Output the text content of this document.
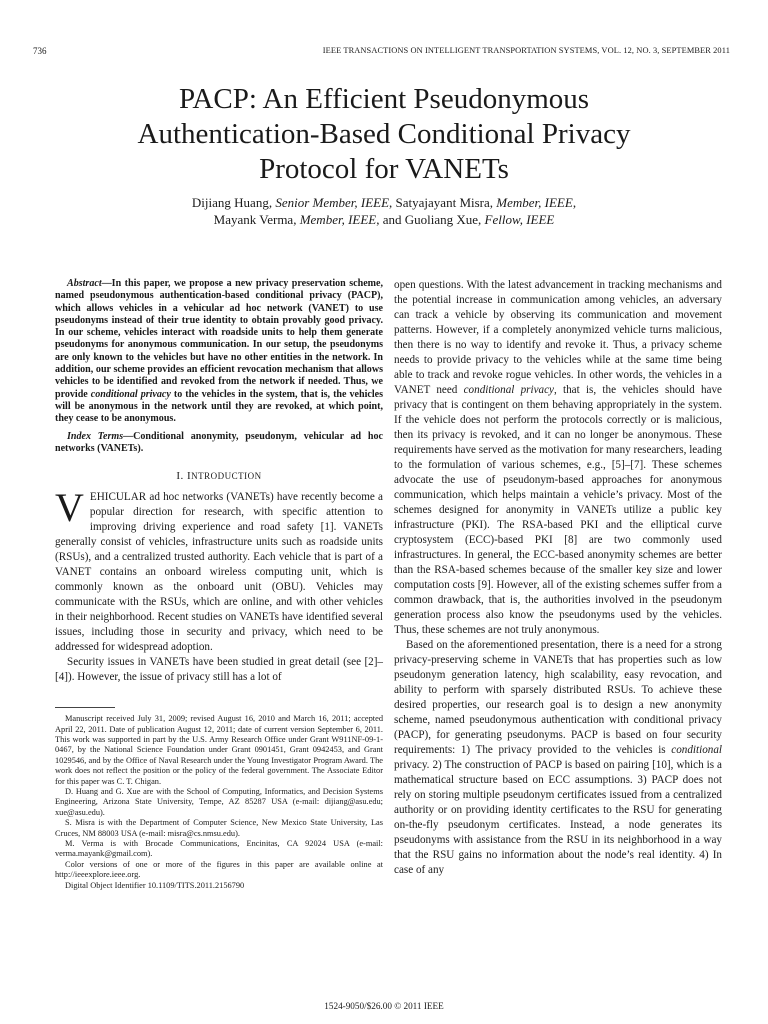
736	IEEE TRANSACTIONS ON INTELLIGENT TRANSPORTATION SYSTEMS, VOL. 12, NO. 3, SEPTEMBER 2011
PACP: An Efficient Pseudonymous
Authentication-Based Conditional Privacy
Protocol for VANETs
Dijiang Huang, Senior Member, IEEE, Satyajayant Misra, Member, IEEE,
Mayank Verma, Member, IEEE, and Guoliang Xue, Fellow, IEEE

Abstract—In this paper, we propose a new privacy preservation scheme, named pseudonymous authentication-based conditional privacy (PACP), which allows vehicles in a vehicular ad hoc network (VANET) to use pseudonyms instead of their true identity to obtain provably good privacy. In our scheme, vehicles interact with roadside units to help them generate pseudonyms for anonymous communication. In our setup, the pseudonyms are only known to the vehicles but have no other entities in the network. In addition, our scheme provides an efficient revocation mechanism that allows vehicles to be identified and revoked from the network if needed. Thus, we provide conditional privacy to the vehicles in the system, that is, the vehicles will be anonymous in the network until they are revoked, at which point, they cease to be anonymous.

Index Terms—Conditional anonymity, pseudonym, vehicular ad hoc networks (VANETs).

I. INTRODUCTION

VEHICULAR ad hoc networks (VANETs) have recently become a popular direction for research, with specific attention to improving driving experience and road safety [1]. VANETs generally consist of vehicles, infrastructure units such as roadside units (RSUs), and a centralized trusted authority. Each vehicle that is part of a VANET contains an onboard wireless computing unit, which is commonly known as the onboard unit (OBU). Vehicles may communicate with the RSUs, which are online, and with other vehicles in their neighborhood. Recent studies on VANETs have identified several issues, including those in security and privacy, which need to be addressed for widespread adoption.

Security issues in VANETs have been studied in great detail (see [2]–[4]). However, the issue of privacy still has a lot of

Manuscript received July 31, 2009; revised August 16, 2010 and March 16, 2011; accepted April 22, 2011. Date of publication August 12, 2011; date of current version September 6, 2011. This work was supported in part by the U.S. Army Research Office under Grant W911NF-09-1-0467, by the National Science Foundation under Grant 0901451, Grant 0942453, and Grant 1029546, and by the Office of Naval Research under the Young Investigator Program Award. The work does not reflect the position or the policy of the federal government. The Associate Editor for this paper was C. T. Chigan.

D. Huang and G. Xue are with the School of Computing, Informatics, and Decision Systems Engineering, Arizona State University, Tempe, AZ 85287 USA (e-mail: dijiang@asu.edu; xue@asu.edu).

S. Misra is with the Department of Computer Science, New Mexico State University, Las Cruces, NM 88003 USA (e-mail: misra@cs.nmsu.edu).

M. Verma is with Brocade Communications, Encinitas, CA 92024 USA (e-mail: verma.mayank@gmail.com).

Color versions of one or more of the figures in this paper are available online at http://ieeexplore.ieee.org.

Digital Object Identifier 10.1109/TITS.2011.2156790

open questions. With the latest advancement in tracking mechanisms and the potential increase in communication among vehicles, an adversary can track a vehicle by observing its communication and movement patterns. However, if a completely anonymized vehicle turns malicious, then there is no way to identify and revoke it. Thus, a privacy scheme needs to provide privacy to the vehicles while at the same time being able to track and revoke rogue vehicles. In other words, the vehicles in a VANET need conditional privacy, that is, the vehicles should have privacy that is contingent on them behaving appropriately in the system. If the vehicle does not perform the protocols correctly or is malicious, then its privacy is revoked, and it can no longer be anonymous. These requirements have served as the motivation for many researchers, leading to the formulation of various schemes, e.g., [5]–[7]. These schemes advocate the use of pseudonym-based approaches for anonymous communication, which helps maintain a vehicle’s privacy. Most of the schemes designed for anonymity in VANETs utilize a public key infrastructure (PKI). The RSA-based PKI and the elliptical curve cryptosystem (ECC)-based PKI [8] are two commonly used infrastructures. In general, the ECC-based anonymity schemes are better than the RSA-based schemes because of the smaller key size and lower computation costs [9]. However, all of the existing schemes suffer from a common drawback, that is, the authorities involved in the pseudonym generation process also know the pseudonyms used by the vehicles. Thus, these schemes are not truly anonymous.

Based on the aforementioned presentation, there is a need for a strong privacy-preserving scheme in VANETs that has properties such as low pseudonym generation latency, high scalability, easy revocation, and ability to perform with sparsely distributed RSUs. To achieve these desired properties, our research goal is to design a new anonymity scheme, named pseudonymous authentication with conditional privacy (PACP), for generating pseudonyms. PACP is based on four security requirements: 1) The privacy provided to the vehicles is conditional privacy. 2) The construction of PACP is based on pairing [10], which is a mathematical structure based on ECC assumptions. 3) PACP does not rely on storing multiple pseudonym certificates issued from a centralized authority or on providing identity certificates to the RSU for generating on-the-fly pseudonym certificates. Instead, a node generates its pseudonyms with assistance from the RSU in its neighborhood in a way that the RSU gains no information about the node’s real identity. 4) In case of any

1524-9050/$26.00 © 2011 IEEE
